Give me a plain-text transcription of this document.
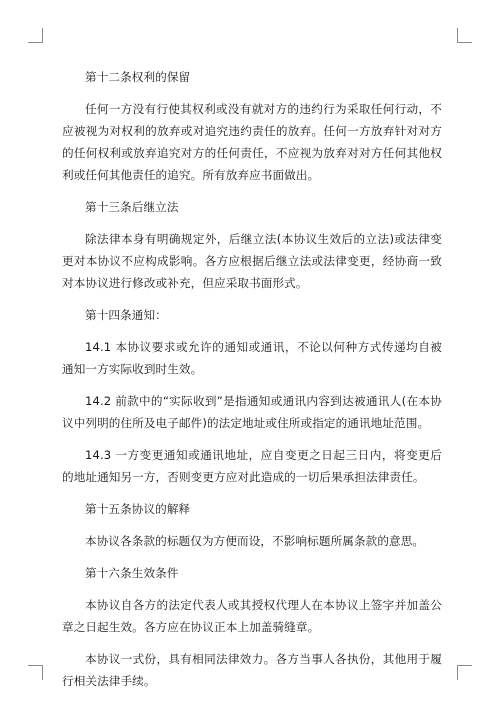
第十二条权利的保留

任何一方没有行使其权利或没有就对方的违约行为采取任何行动，不应被视为对权利的放弃或对追究违约责任的放弃。任何一方放弃针对对方的任何权利或放弃追究对方的任何责任，不应视为放弃对对方任何其他权利或任何其他责任的追究。所有放弃应书面做出。

第十三条后继立法

除法律本身有明确规定外，后继立法(本协议生效后的立法)或法律变更对本协议不应构成影响。各方应根据后继立法或法律变更，经协商一致对本协议进行修改或补充，但应采取书面形式。

第十四条通知：

14.1 本协议要求或允许的通知或通讯，不论以何种方式传递均自被通知一方实际收到时生效。

14.2 前款中的“实际收到”是指通知或通讯内容到达被通讯人(在本协议中列明的住所及电子邮件)的法定地址或住所或指定的通讯地址范围。

14.3 一方变更通知或通讯地址，应自变更之日起三日内，将变更后的地址通知另一方，否则变更方应对此造成的一切后果承担法律责任。

第十五条协议的解释

本协议各条款的标题仅为方便而设，不影响标题所属条款的意思。

第十六条生效条件

本协议自各方的法定代表人或其授权代理人在本协议上签字并加盖公章之日起生效。各方应在协议正本上加盖骑缝章。

本协议一式份，具有相同法律效力。各方当事人各执份，其他用于履行相关法律手续。
